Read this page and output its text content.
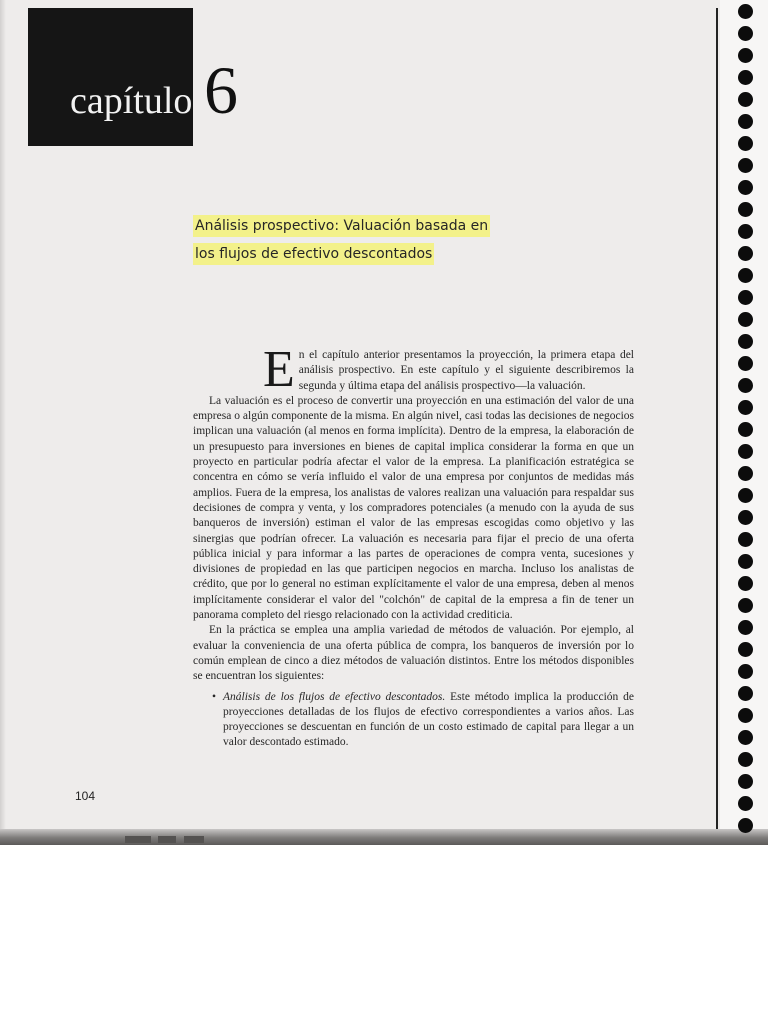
capítulo 6
Análisis prospectivo: Valuación basada en
los flujos de efectivo descontados

En el capítulo anterior presentamos la proyección, la primera etapa del análisis prospectivo. En este capítulo y el siguiente describiremos la segunda y última etapa del análisis prospectivo—la valuación.

La valuación es el proceso de convertir una proyección en una estimación del valor de una empresa o algún componente de la misma. En algún nivel, casi todas las decisiones de negocios implican una valuación (al menos en forma implícita). Dentro de la empresa, la elaboración de un presupuesto para inversiones en bienes de capital implica considerar la forma en que un proyecto en particular podría afectar el valor de la empresa. La planificación estratégica se concentra en cómo se vería influido el valor de una empresa por conjuntos de medidas más amplios. Fuera de la empresa, los analistas de valores realizan una valuación para respaldar sus decisiones de compra y venta, y los compradores potenciales (a menudo con la ayuda de sus banqueros de inversión) estiman el valor de las empresas escogidas como objetivo y las sinergias que podrían ofrecer. La valuación es necesaria para fijar el precio de una oferta pública inicial y para informar a las partes de operaciones de compra venta, sucesiones y divisiones de propiedad en las que participen negocios en marcha. Incluso los analistas de crédito, que por lo general no estiman explícitamente el valor de una empresa, deben al menos implícitamente considerar el valor del "colchón" de capital de la empresa a fin de tener un panorama completo del riesgo relacionado con la actividad crediticia.

En la práctica se emplea una amplia variedad de métodos de valuación. Por ejemplo, al evaluar la conveniencia de una oferta pública de compra, los banqueros de inversión por lo común emplean de cinco a diez métodos de valuación distintos. Entre los métodos disponibles se encuentran los siguientes:

• Análisis de los flujos de efectivo descontados. Este método implica la producción de proyecciones detalladas de los flujos de efectivo correspondientes a varios años. Las proyecciones se descuentan en función de un costo estimado de capital para llegar a un valor descontado estimado.
104
